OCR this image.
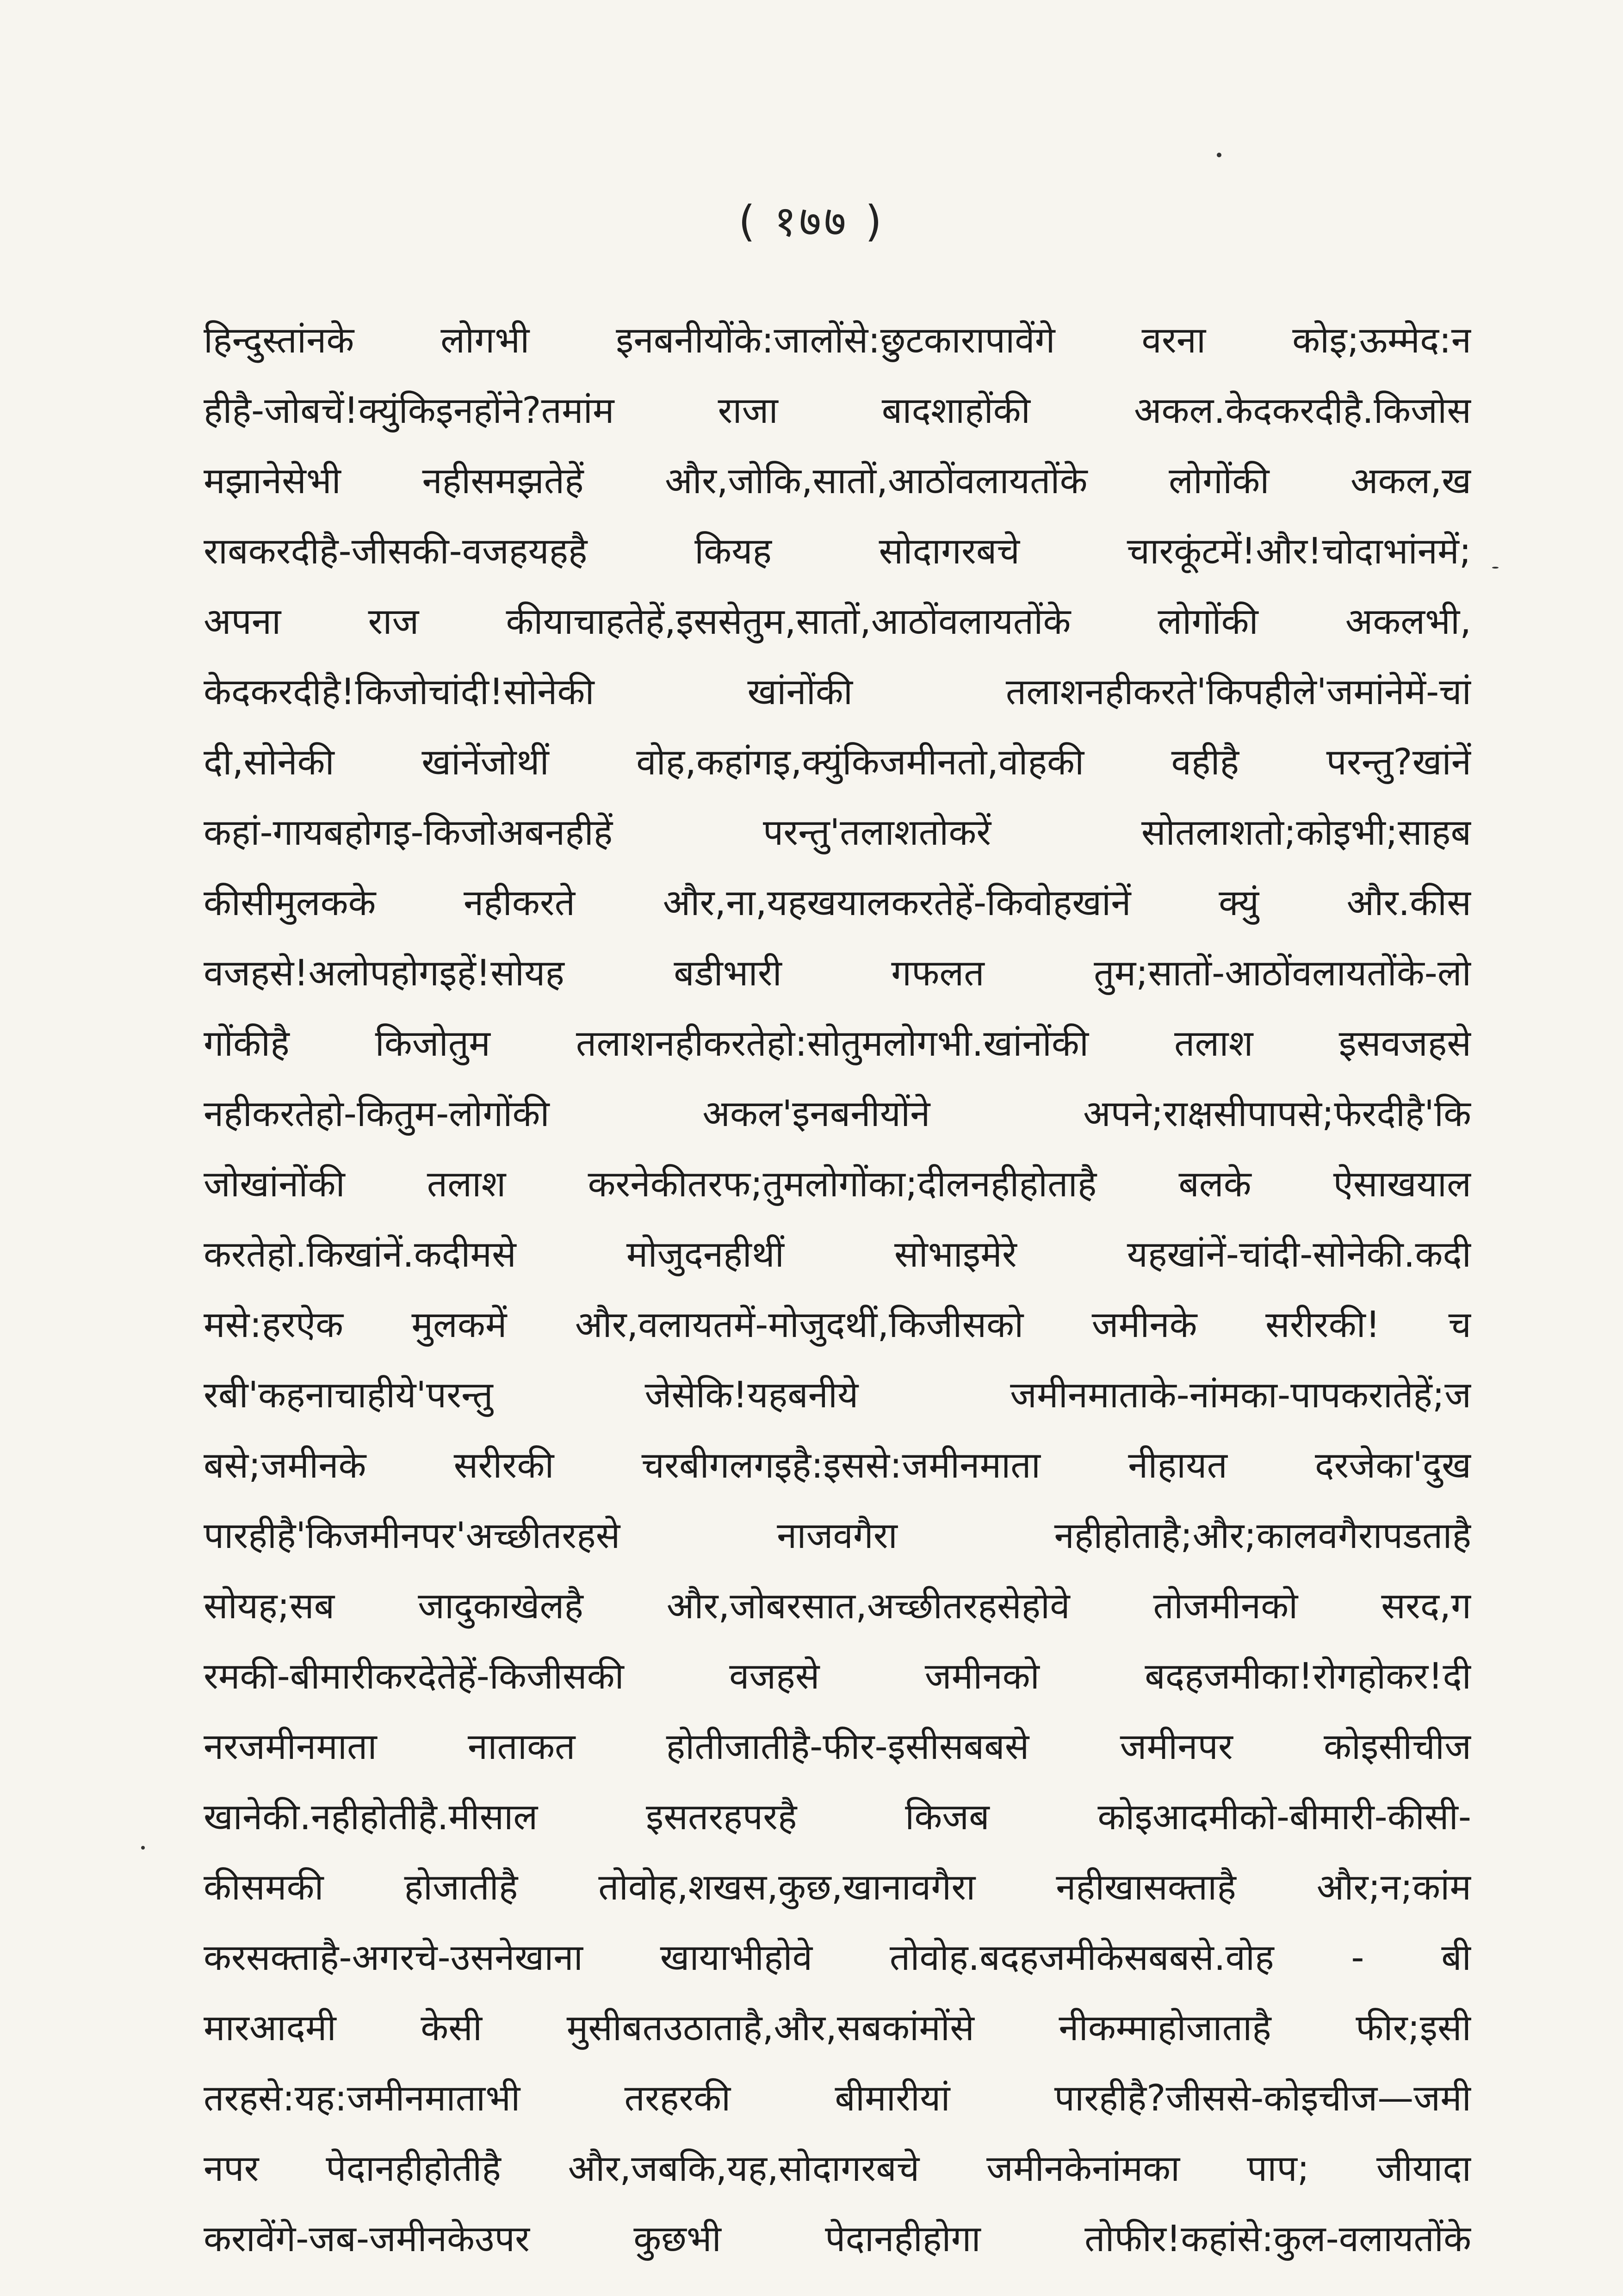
( १७७ )
हिन्दुस्तांनके लोगभी इनबनीयोंके:जालोंसे:छुटकारापावेंगे वरना कोइ;ऊम्मेद:न
हीहै-जोबचें!क्युंकिइनहोंने?तमांम राजा बादशाहोंकी अकल.केदकरदीहै.किजोस
मझानेसेभी नहीसमझतेहें और,जोकि,सातों,आठोंवलायतोंके लोगोंकी अकल,ख
राबकरदीहै-जीसकी-वजहयहहै कियह सोदागरबचे चारकूंटमें!और!चोदाभांनमें;
अपना राज कीयाचाहतेहें,इससेतुम,सातों,आठोंवलायतोंके लोगोंकी अकलभी,
केदकरदीहै!किजोचांदी!सोनेकी खांनोंकी तलाशनहीकरते'किपहीले'जमांनेमें-चां
दी,सोनेकी खांनेंजोथीं वोह,कहांगइ,क्युंकिजमीनतो,वोहकी वहीहै परन्तु?खांनें
कहां-गायबहोगइ-किजोअबनहीहें परन्तु'तलाशतोकरें सोतलाशतो;कोइभी;साहब
कीसीमुलकके नहीकरते और,ना,यहखयालकरतेहें-किवोहखांनें क्युं और.कीस
वजहसे!अलोपहोगइहें!सोयह बडीभारी गफलत तुम;सातों-आठोंवलायतोंके-लो
गोंकीहै किजोतुम तलाशनहीकरतेहो:सोतुमलोगभी.खांनोंकी तलाश इसवजहसे
नहीकरतेहो-कितुम-लोगोंकी अकल'इनबनीयोंने अपने;राक्षसीपापसे;फेरदीहै'कि
जोखांनोंकी तलाश करनेकीतरफ;तुमलोगोंका;दीलनहीहोताहै बलके ऐसाखयाल
करतेहो.किखांनें.कदीमसे मोजुदनहीथीं सोभाइमेरे यहखांनें-चांदी-सोनेकी.कदी
मसे:हरऐक मुलकमें और,वलायतमें-मोजुदथीं,किजीसको जमीनके सरीरकी! च
रबी'कहनाचाहीये'परन्तु जेसेकि!यहबनीये जमीनमाताके-नांमका-पापकरातेहें;ज
बसे;जमीनके सरीरकी चरबीगलगइहै:इससे:जमीनमाता नीहायत दरजेका'दुख
पारहीहै'किजमीनपर'अच्छीतरहसे नाजवगैरा नहीहोताहै;और;कालवगैरापडताहै
सोयह;सब जादुकाखेलहै और,जोबरसात,अच्छीतरहसेहोवे तोजमीनको सरद,ग
रमकी-बीमारीकरदेतेहें-किजीसकी वजहसे जमीनको बदहजमीका!रोगहोकर!दी
नरजमीनमाता नाताकत होतीजातीहै-फीर-इसीसबबसे जमीनपर कोइसीचीज
खानेकी.नहीहोतीहै.मीसाल इसतरहपरहै किजब कोइआदमीको-बीमारी-कीसी-
कीसमकी होजातीहै तोवोह,शखस,कुछ,खानावगैरा नहीखासक्ताहै और;न;कांम
करसक्ताहै-अगरचे-उसनेखाना खायाभीहोवे तोवोह.बदहजमीकेसबबसे.वोह - बी
मारआदमी केसी मुसीबतउठाताहै,और,सबकांमोंसे नीकम्माहोजाताहै फीर;इसी
तरहसे:यह:जमीनमाताभी तरहरकी बीमारीयां पारहीहै?जीससे-कोइचीज—जमी
नपर पेदानहीहोतीहै और,जबकि,यह,सोदागरबचे जमीनकेनांमका पाप; जीयादा
करावेंगे-जब-जमीनकेउपर कुछभी पेदानहीहोगा तोफीर!कहांसे:कुल-वलायतोंके
